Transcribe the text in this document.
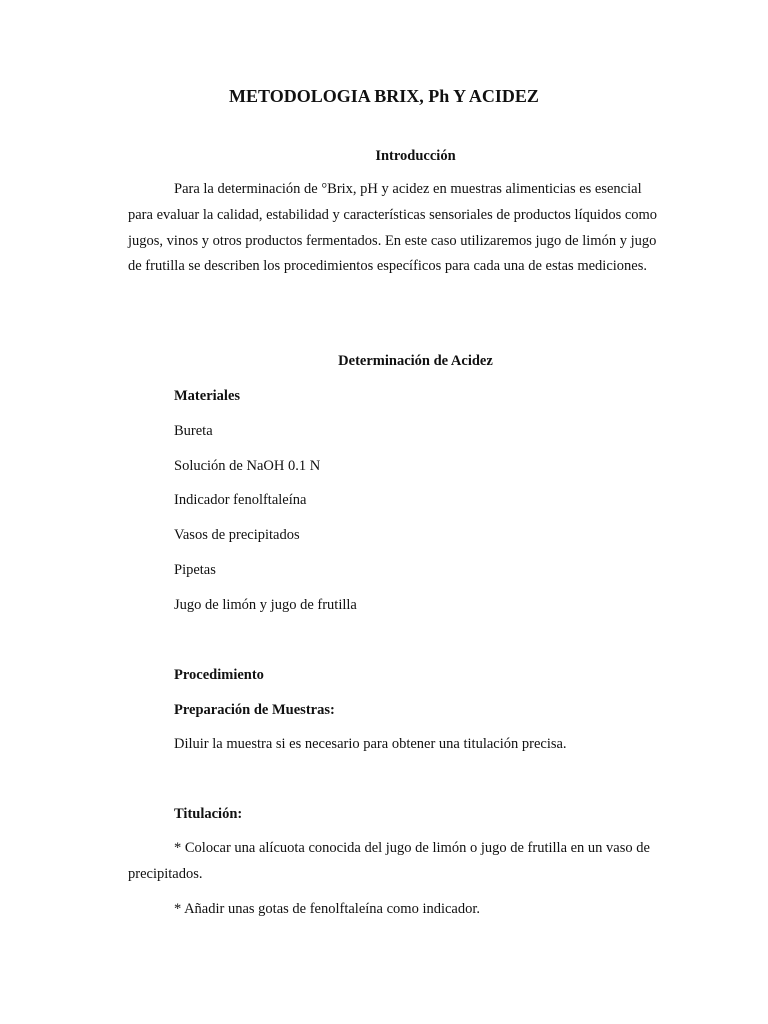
METODOLOGIA BRIX, Ph Y ACIDEZ
Introducción

Para la determinación de °Brix, pH y acidez en muestras alimenticias es esencial para evaluar la calidad, estabilidad y características sensoriales de productos líquidos como jugos, vinos y otros productos fermentados. En este caso utilizaremos jugo de limón y jugo de frutilla se describen los procedimientos específicos para cada una de estas mediciones.

Determinación de Acidez
Materiales
Bureta
Solución de NaOH 0.1 N
Indicador fenolftaleína
Vasos de precipitados
Pipetas
Jugo de limón y jugo de frutilla
Procedimiento
Preparación de Muestras:
Diluir la muestra si es necesario para obtener una titulación precisa.
Titulación:

* Colocar una alícuota conocida del jugo de limón o jugo de frutilla en un vaso de precipitados.

* Añadir unas gotas de fenolftaleína como indicador.
